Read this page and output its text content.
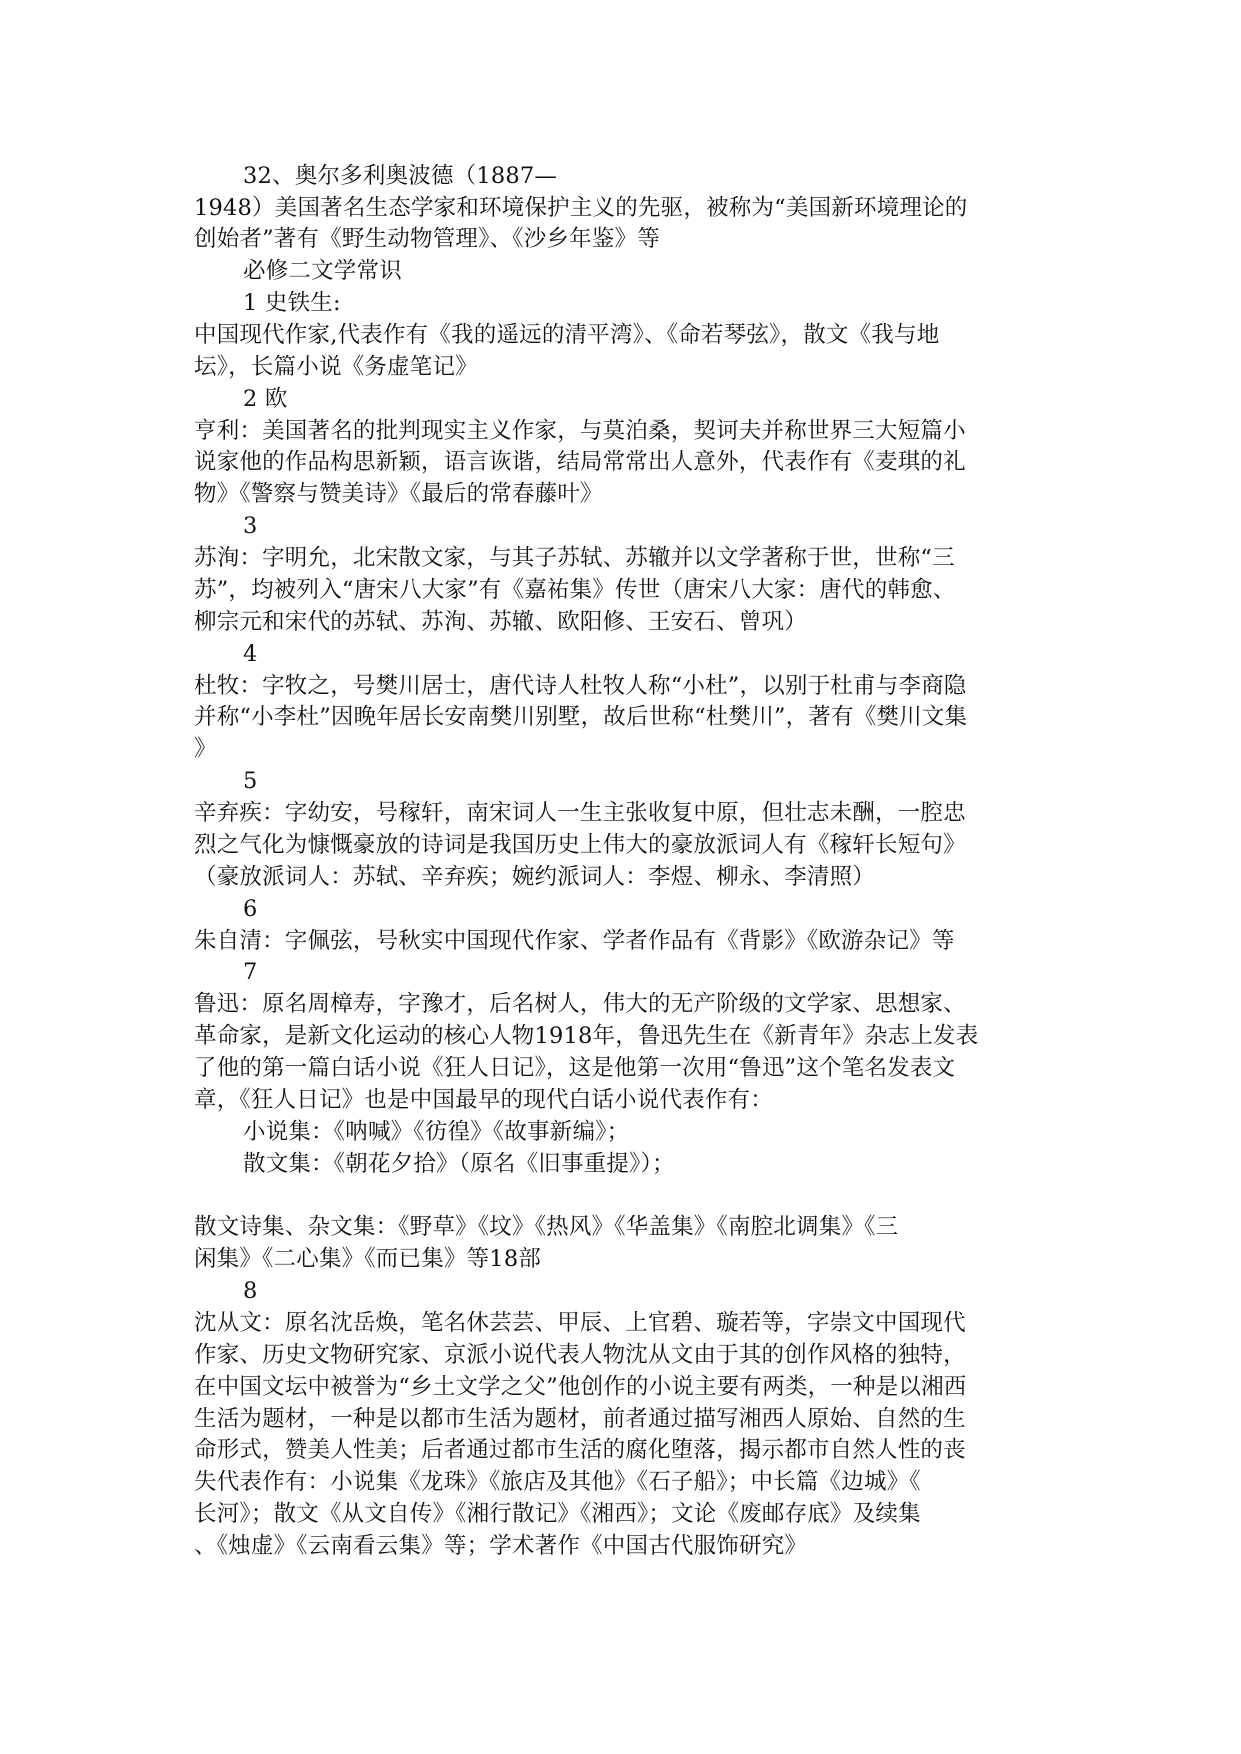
32、奥尔多利奥波德（1887—
1948）美国著名生态学家和环境保护主义的先驱，被称为“美国新环境理论的
创始者”著有《野生动物管理》、《沙乡年鉴》等
必修二文学常识
1 史铁生:
中国现代作家,代表作有《我的遥远的清平湾》、《命若琴弦》，散文《我与地
坛》，长篇小说《务虚笔记》
2 欧
亨利：美国著名的批判现实主义作家，与莫泊桑，契诃夫并称世界三大短篇小
说家他的作品构思新颖，语言诙谐，结局常常出人意外，代表作有《麦琪的礼
物》《警察与赞美诗》《最后的常春藤叶》
3
苏洵：字明允，北宋散文家，与其子苏轼、苏辙并以文学著称于世，世称“三
苏”，均被列入“唐宋八大家”有《嘉祐集》传世（唐宋八大家：唐代的韩愈、
柳宗元和宋代的苏轼、苏洵、苏辙、欧阳修、王安石、曾巩）
4
杜牧：字牧之，号樊川居士，唐代诗人杜牧人称“小杜”，以别于杜甫与李商隐
并称“小李杜”因晚年居长安南樊川别墅，故后世称“杜樊川”，著有《樊川文集
》
5
辛弃疾：字幼安，号稼轩，南宋词人一生主张收复中原，但壮志未酬，一腔忠
烈之气化为慷慨豪放的诗词是我国历史上伟大的豪放派词人有《稼轩长短句》
（豪放派词人：苏轼、辛弃疾；婉约派词人：李煜、柳永、李清照）
6
朱自清：字佩弦，号秋实中国现代作家、学者作品有《背影》《欧游杂记》等
7
鲁迅：原名周樟寿，字豫才，后名树人，伟大的无产阶级的文学家、思想家、
革命家，是新文化运动的核心人物1918年，鲁迅先生在《新青年》杂志上发表
了他的第一篇白话小说《狂人日记》，这是他第一次用“鲁迅”这个笔名发表文
章，《狂人日记》也是中国最早的现代白话小说代表作有：
小说集：《呐喊》《彷徨》《故事新编》；
散文集：《朝花夕拾》（原名《旧事重提》）；
散文诗集、杂文集：《野草》《坟》《热风》《华盖集》《南腔北调集》《三
闲集》《二心集》《而已集》等18部
8
沈从文：原名沈岳焕，笔名休芸芸、甲辰、上官碧、璇若等，字崇文中国现代
作家、历史文物研究家、京派小说代表人物沈从文由于其的创作风格的独特，
在中国文坛中被誉为“乡土文学之父”他创作的小说主要有两类，一种是以湘西
生活为题材，一种是以都市生活为题材，前者通过描写湘西人原始、自然的生
命形式，赞美人性美；后者通过都市生活的腐化堕落，揭示都市自然人性的丧
失代表作有：小说集《龙珠》《旅店及其他》《石子船》；中长篇《边城》《
长河》；散文《从文自传》《湘行散记》《湘西》；文论《废邮存底》及续集
、《烛虚》《云南看云集》等；学术著作《中国古代服饰研究》
